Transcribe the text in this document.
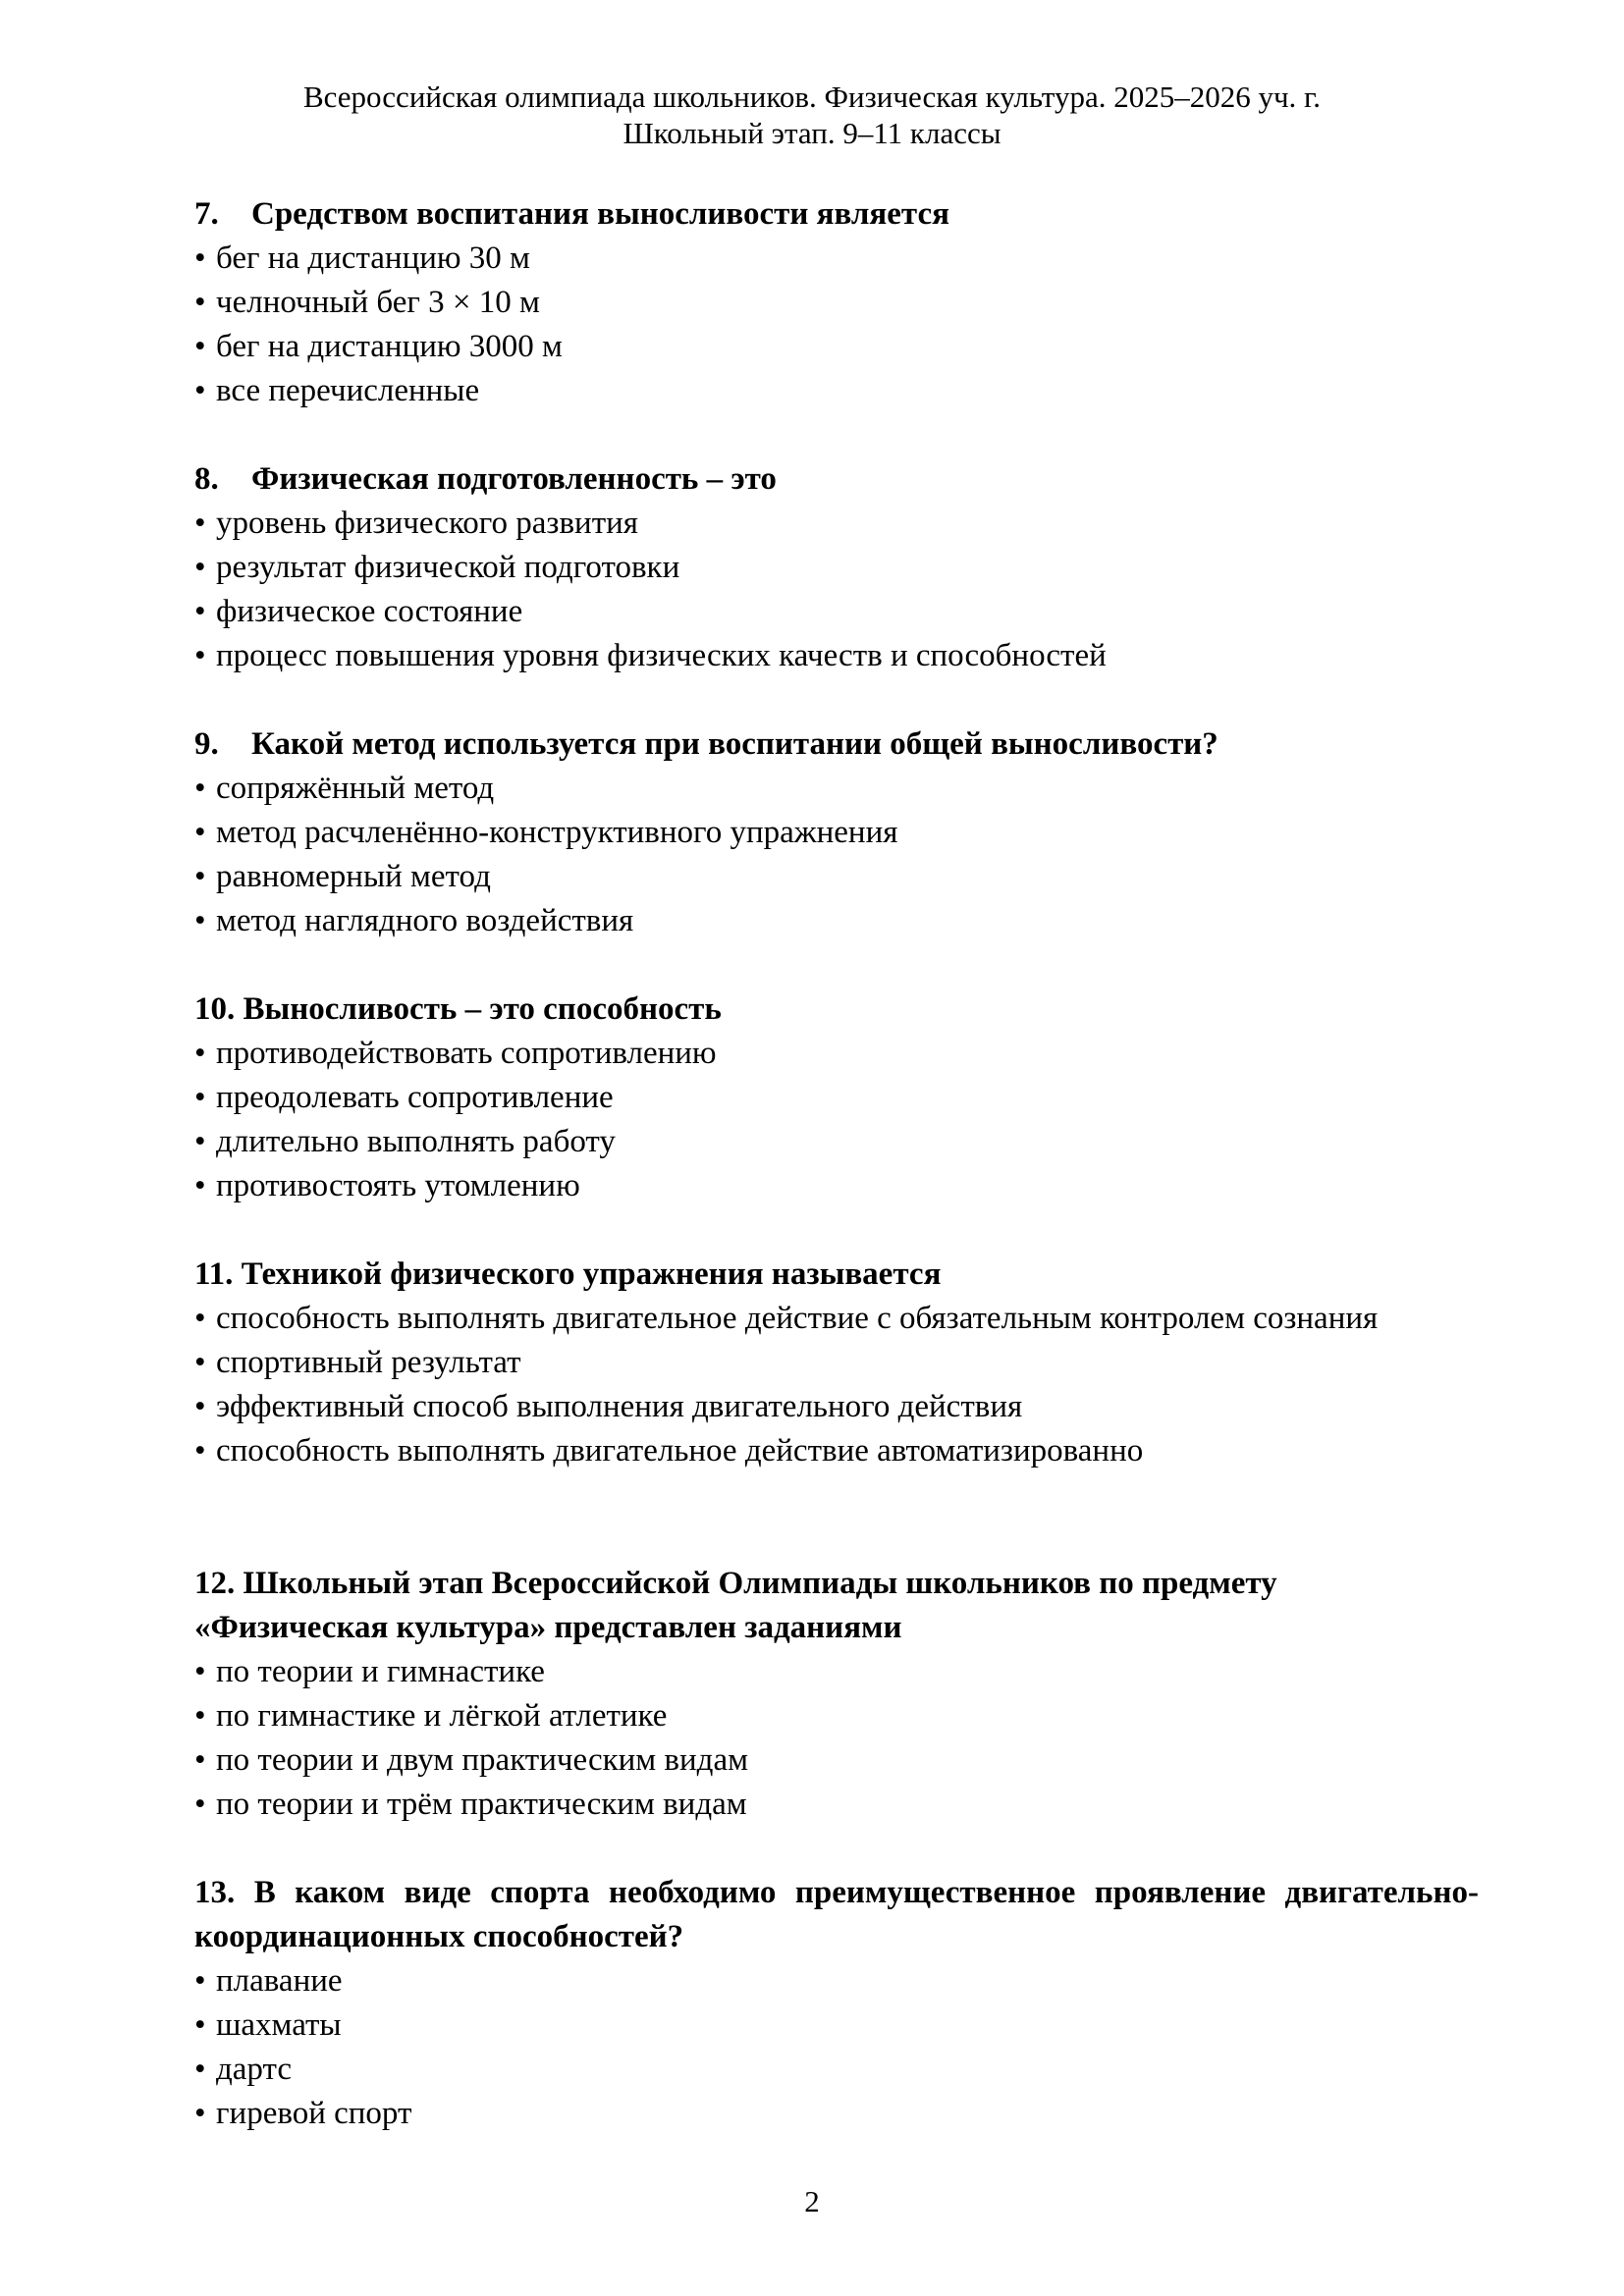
Всероссийская олимпиада школьников. Физическая культура. 2025–2026 уч. г.
Школьный этап. 9–11 классы

7. Средством воспитания выносливости является

• бег на дистанцию 30 м
• челночный бег 3 × 10 м
• бег на дистанцию 3000 м
• все перечисленные

8. Физическая подготовленность – это

• уровень физического развития
• результат физической подготовки
• физическое состояние
• процесс повышения уровня физических качеств и способностей

9. Какой метод используется при воспитании общей выносливости?

• сопряжённый метод
• метод расчленённо-конструктивного упражнения
• равномерный метод
• метод наглядного воздействия

10. Выносливость – это способность

• противодействовать сопротивлению
• преодолевать сопротивление
• длительно выполнять работу
• противостоять утомлению

11. Техникой физического упражнения называется

• способность выполнять двигательное действие с обязательным контролем сознания
• спортивный результат
• эффективный способ выполнения двигательного действия
• способность выполнять двигательное действие автоматизированно

12. Школьный этап Всероссийской Олимпиады школьников по предмету «Физическая культура» представлен заданиями

• по теории и гимнастике
• по гимнастике и лёгкой атлетике
• по теории и двум практическим видам
• по теории и трём практическим видам

13. В каком виде спорта необходимо преимущественное проявление двигательно-координационных способностей?

• плавание
• шахматы
• дартс
• гиревой спорт
2
